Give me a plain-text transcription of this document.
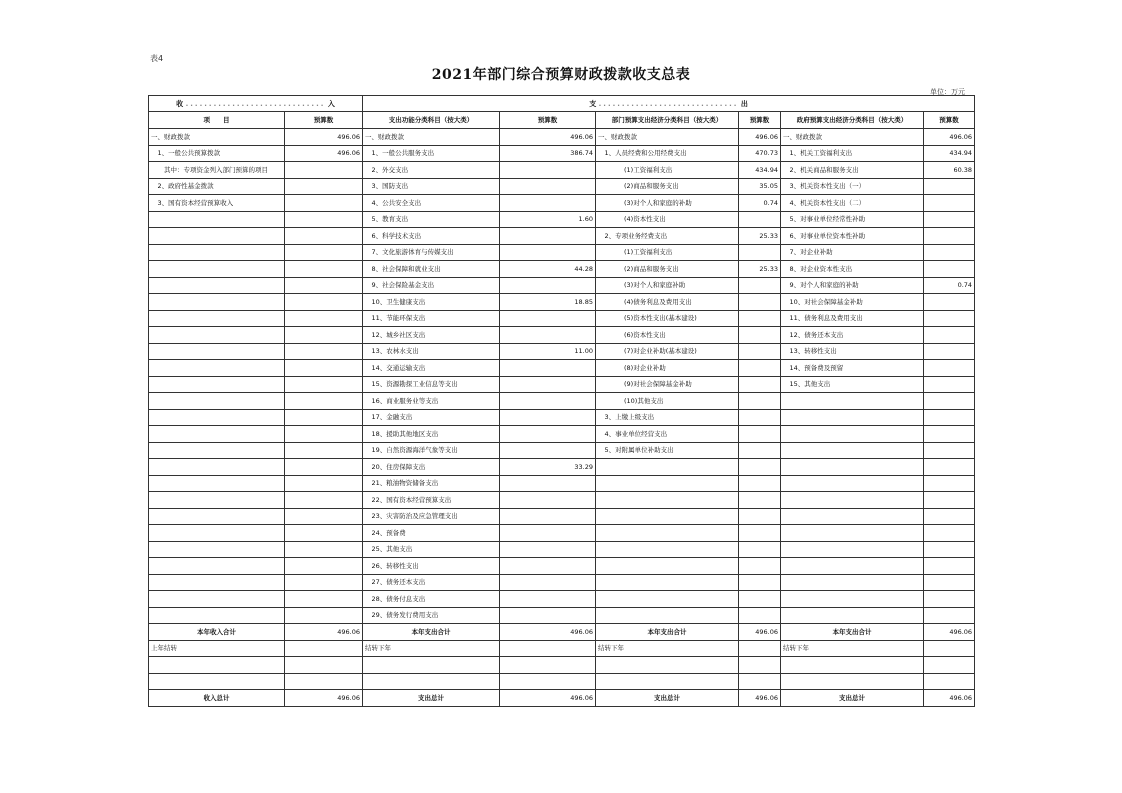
表4
2021年部门综合预算财政拨款收支总表
单位：万元
收 .............................. 入		支 .............................. 出					
项　　目	预算数	支出功能分类科目（按大类）	预算数	部门预算支出经济分类科目（按大类）	预算数	政府预算支出经济分类科目（按大类）	预算数
一、财政拨款	496.06	一、财政拨款	496.06	一、财政拨款	496.06	一、财政拨款	496.06
　1、一般公共预算拨款	496.06	　1、一般公共服务支出	386.74	　1、人员经费和公用经费支出	470.73	　1、机关工资福利支出	434.94
　　其中：专项资金列入部门预算的项目		　2、外交支出		　　　　(1)工资福利支出	434.94	　2、机关商品和服务支出	60.38
　2、政府性基金拨款		　3、国防支出		　　　　(2)商品和服务支出	35.05	　3、机关资本性支出（一）	
　3、国有资本经营预算收入		　4、公共安全支出		　　　　(3)对个人和家庭的补助	0.74	　4、机关资本性支出（二）	
		　5、教育支出	1.60	　　　　(4)资本性支出		　5、对事业单位经常性补助	
		　6、科学技术支出		　2、专项业务经费支出	25.33	　6、对事业单位资本性补助	
		　7、文化旅游体育与传媒支出		　　　　(1)工资福利支出		　7、对企业补助	
		　8、社会保障和就业支出	44.28	　　　　(2)商品和服务支出	25.33	　8、对企业资本性支出	
		　9、社会保险基金支出		　　　　(3)对个人和家庭补助		　9、对个人和家庭的补助	0.74
		　10、卫生健康支出	18.85	　　　　(4)债务利息及费用支出		　10、对社会保障基金补助	
		　11、节能环保支出		　　　　(5)资本性支出(基本建设)		　11、债务利息及费用支出	
		　12、城乡社区支出		　　　　(6)资本性支出		　12、债务还本支出	
		　13、农林水支出	11.00	　　　　(7)对企业补助(基本建设)		　13、转移性支出	
		　14、交通运输支出		　　　　(8)对企业补助		　14、预备费及预留	
		　15、资源勘探工业信息等支出		　　　　(9)对社会保障基金补助		　15、其他支出	
		　16、商业服务业等支出		　　　　(10)其他支出			
		　17、金融支出		　3、上缴上级支出			
		　18、援助其他地区支出		　4、事业单位经营支出			
		　19、自然资源海洋气象等支出		　5、对附属单位补助支出			
		　20、住房保障支出	33.29				
		　21、粮油物资储备支出					
		　22、国有资本经营预算支出					
		　23、灾害防治及应急管理支出					
		　24、预备费					
		　25、其他支出					
		　26、转移性支出					
		　27、债务还本支出					
		　28、债务付息支出					
		　29、债务发行费用支出					
本年收入合计	496.06	本年支出合计	496.06	本年支出合计	496.06	本年支出合计	496.06
上年结转		结转下年		结转下年		结转下年	

收入总计	496.06	支出总计	496.06	支出总计	496.06	支出总计	496.06
